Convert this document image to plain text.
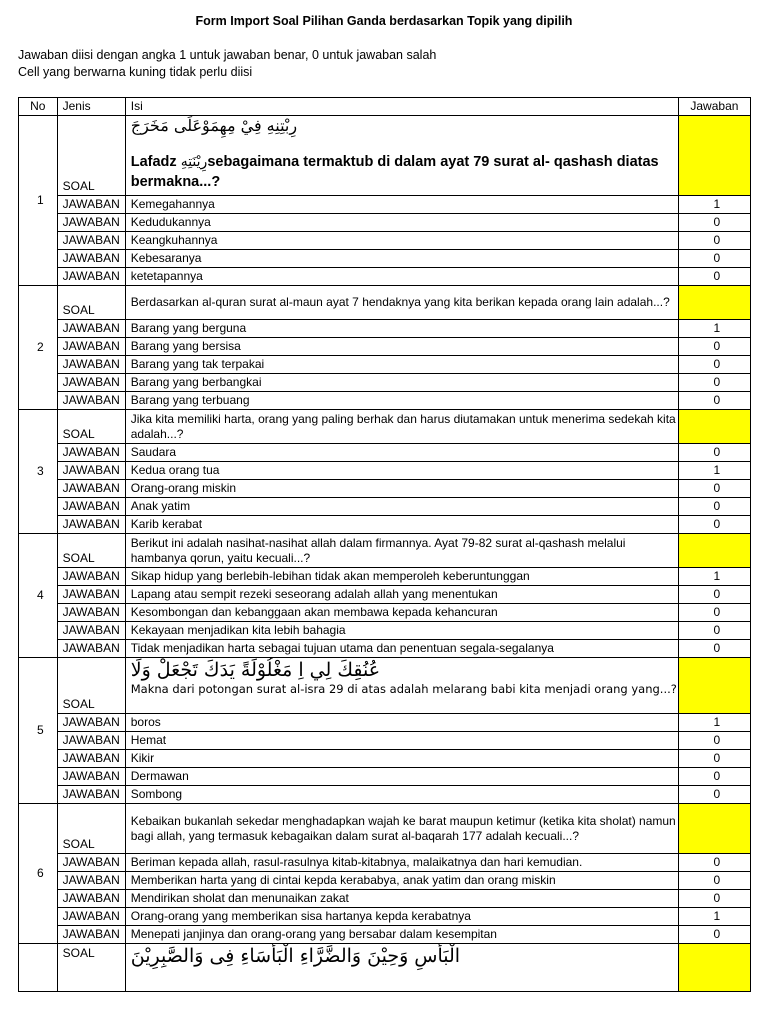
Form Import Soal Pilihan Ganda berdasarkan Topik yang dipilih
Jawaban diisi dengan angka 1 untuk jawaban benar, 0 untuk jawaban salah
Cell yang berwarna kuning tidak perlu diisi
No	Jenis	Isi	Jawaban
1	SOAL	رِبْتِنِهِ فِيْ مِهِمَوْعَلَى مَخَرَجَ
Lafadz رِيْنَتِهِsebagaimana termaktub di dalam ayat 79 surat al- qashash diatas bermakna...?	

	JAWABAN	Kemegahannya	1
	JAWABAN	Kedudukannya	0
	JAWABAN	Keangkuhannya	0
	JAWABAN	Kebesaranya	0
	JAWABAN	ketetapannya	0
2	SOAL	Berdasarkan al-quran surat al-maun ayat 7 hendaknya yang kita berikan kepada orang lain adalah...?	
	JAWABAN	Barang yang berguna	1
	JAWABAN	Barang yang bersisa	0
	JAWABAN	Barang yang tak terpakai	0
	JAWABAN	Barang yang berbangkai	0
	JAWABAN	Barang yang terbuang	0
3	SOAL	Jika kita memiliki harta, orang yang paling berhak dan harus diutamakan untuk menerima sedekah kita adalah...?	
	JAWABAN	Saudara	0
	JAWABAN	Kedua orang tua	1
	JAWABAN	Orang-orang miskin	0
	JAWABAN	Anak yatim	0
	JAWABAN	Karib kerabat	0
4	SOAL	Berikut ini adalah nasihat-nasihat allah dalam firmannya. Ayat 79-82 surat al-qashash melalui hambanya qorun, yaitu kecuali...?	
	JAWABAN	Sikap hidup yang berlebih-lebihan tidak akan memperoleh keberuntunggan	1
	JAWABAN	Lapang atau sempit rezeki seseorang adalah allah yang menentukan	0
	JAWABAN	Kesombongan dan kebanggaan akan membawa kepada kehancuran	0
	JAWABAN	Kekayaan menjadikan kita lebih bahagia	0
	JAWABAN	Tidak menjadikan harta sebagai tujuan utama dan penentuan segala-segalanya	0
5	SOAL	عُنُقِكَ لِي اِ مَغْلُوْلَةً يَدَكَ تَجْعَلْ وَلَا
Makna dari potongan surat al-isra 29 di atas adalah melarang babi kita menjadi orang yang...?	

	JAWABAN	boros	1
	JAWABAN	Hemat	0
	JAWABAN	Kikir	0
	JAWABAN	Dermawan	0
	JAWABAN	Sombong	0
6	SOAL	Kebaikan bukanlah sekedar menghadapkan wajah ke barat maupun ketimur (ketika kita sholat) namun bagi allah, yang termasuk kebagaikan dalam surat al-baqarah 177 adalah kecuali...?	
	JAWABAN	Beriman kepada allah, rasul-rasulnya kitab-kitabnya, malaikatnya dan hari kemudian.	0
	JAWABAN	Memberikan harta yang di cintai kepda kerababya, anak yatim dan orang miskin	0
	JAWABAN	Mendirikan sholat dan menunaikan zakat	0
	JAWABAN	Orang-orang yang memberikan sisa hartanya kepda kerabatnya	1
	JAWABAN	Menepati janjinya dan orang-orang yang bersabar dalam kesempitan	0
	SOAL	الْبَأْسِ وَحِيْنَ وَالضَّرَّاءِ الْبَأْسَاءِ فِى وَالصَّبِرِيْنَ	
